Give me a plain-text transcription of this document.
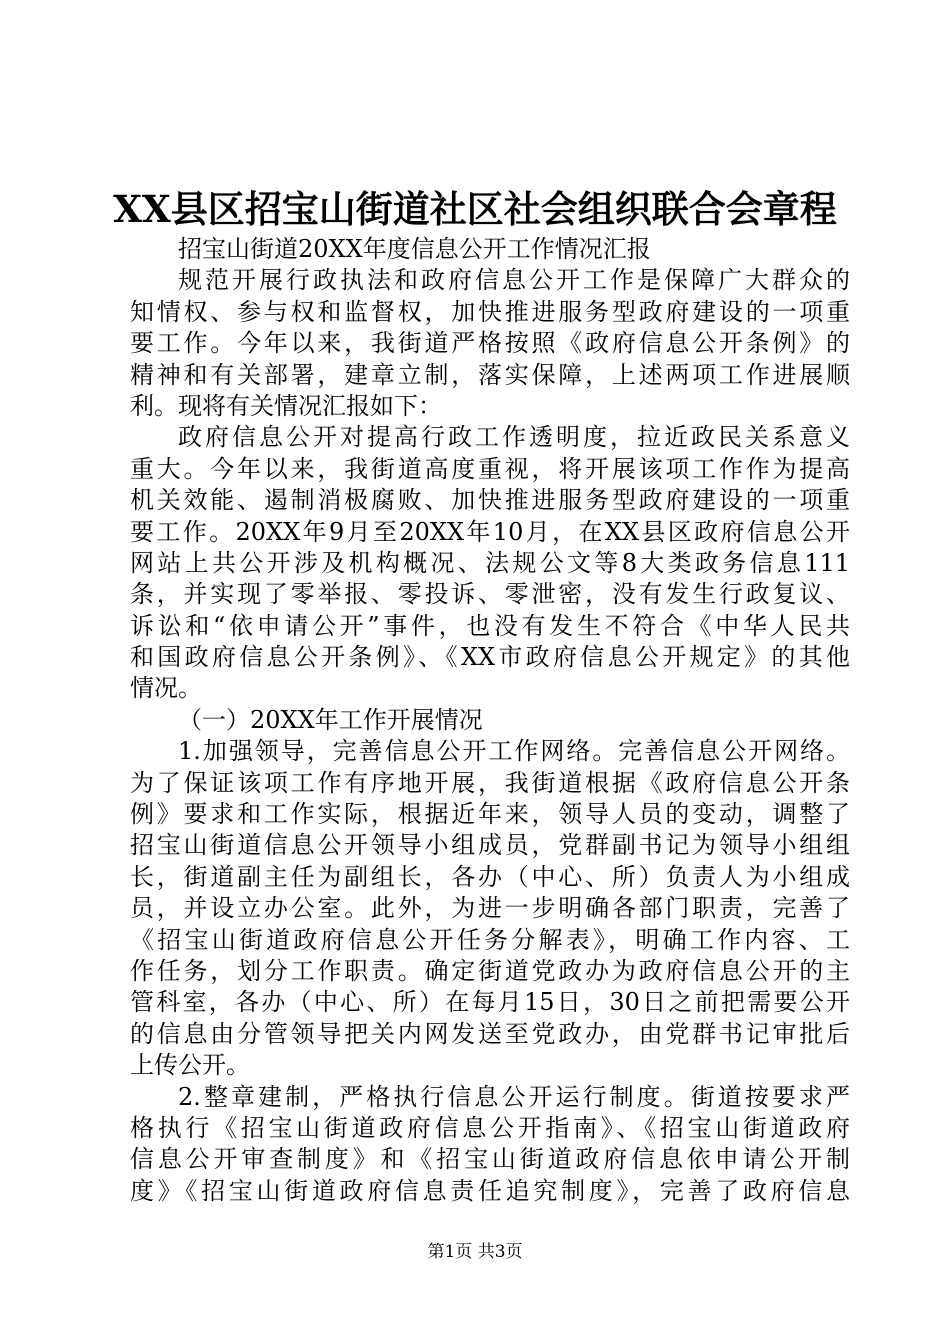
XX县区招宝山街道社区社会组织联合会章程
招宝山街道20XX年度信息公开工作情况汇报
规范开展行政执法和政府信息公开工作是保障广大群众的
知情权、参与权和监督权，加快推进服务型政府建设的一项重
要工作。今年以来，我街道严格按照《政府信息公开条例》的
精神和有关部署，建章立制，落实保障，上述两项工作进展顺
利。现将有关情况汇报如下：
政府信息公开对提高行政工作透明度，拉近政民关系意义
重大。今年以来，我街道高度重视，将开展该项工作作为提高
机关效能、遏制消极腐败、加快推进服务型政府建设的一项重
要工作。20XX年9月至20XX年10月，在XX县区政府信息公开
网站上共公开涉及机构概况、法规公文等8大类政务信息111
条，并实现了零举报、零投诉、零泄密，没有发生行政复议、
诉讼和“依申请公开”事件，也没有发生不符合《中华人民共
和国政府信息公开条例》、《XX市政府信息公开规定》的其他
情况。
（一）20XX年工作开展情况
1.加强领导，完善信息公开工作网络。完善信息公开网络。
为了保证该项工作有序地开展，我街道根据《政府信息公开条
例》要求和工作实际，根据近年来，领导人员的变动，调整了
招宝山街道信息公开领导小组成员，党群副书记为领导小组组
长，街道副主任为副组长，各办（中心、所）负责人为小组成
员，并设立办公室。此外，为进一步明确各部门职责，完善了
《招宝山街道政府信息公开任务分解表》，明确工作内容、工
作任务，划分工作职责。确定街道党政办为政府信息公开的主
管科室，各办（中心、所）在每月15日，30日之前把需要公开
的信息由分管领导把关内网发送至党政办，由党群书记审批后
上传公开。
2.整章建制，严格执行信息公开运行制度。街道按要求严
格执行《招宝山街道政府信息公开指南》、《招宝山街道政府
信息公开审查制度》和《招宝山街道政府信息依申请公开制
度》《招宝山街道政府信息责任追究制度》，完善了政府信息
第1页 共3页
